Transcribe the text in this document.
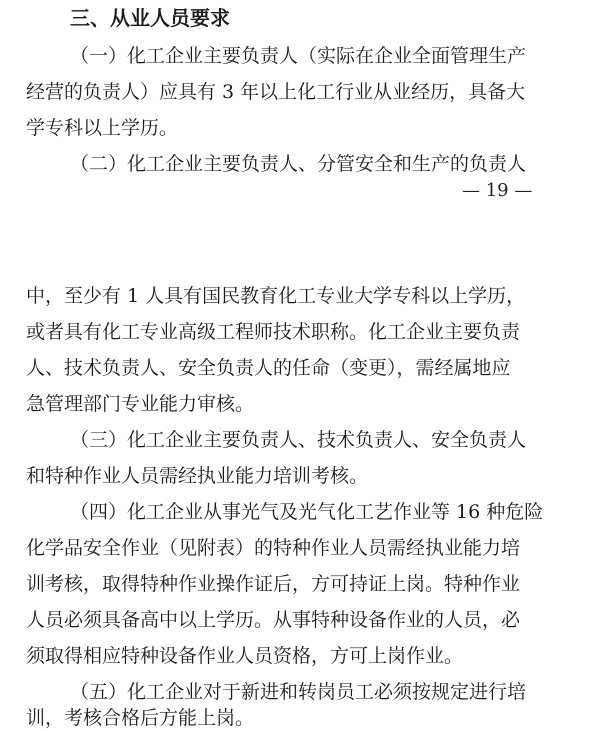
三、从业人员要求
（一）化工企业主要负责人（实际在企业全面管理生产
经营的负责人）应具有 3 年以上化工行业从业经历，具备大
学专科以上学历。
（二）化工企业主要负责人、分管安全和生产的负责人
— 19 —
中，至少有 1 人具有国民教育化工专业大学专科以上学历，
或者具有化工专业高级工程师技术职称。化工企业主要负责
人、技术负责人、安全负责人的任命（变更），需经属地应
急管理部门专业能力审核。
（三）化工企业主要负责人、技术负责人、安全负责人
和特种作业人员需经执业能力培训考核。
（四）化工企业从事光气及光气化工艺作业等 16 种危险
化学品安全作业（见附表）的特种作业人员需经执业能力培
训考核，取得特种作业操作证后，方可持证上岗。特种作业
人员必须具备高中以上学历。从事特种设备作业的人员，必
须取得相应特种设备作业人员资格，方可上岗作业。
（五）化工企业对于新进和转岗员工必须按规定进行培
训，考核合格后方能上岗。
